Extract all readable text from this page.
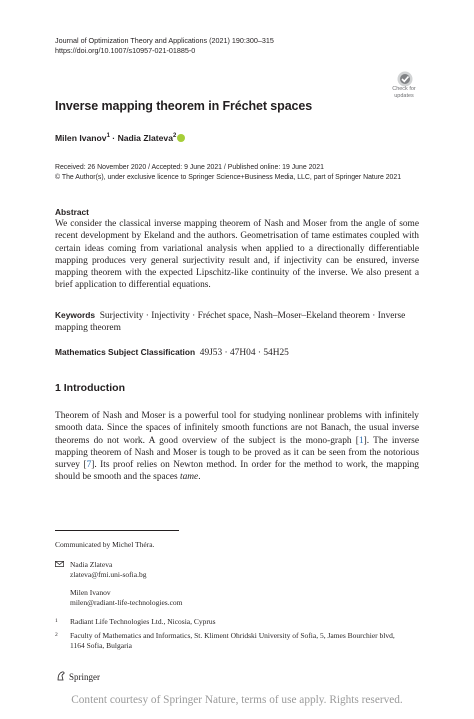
Journal of Optimization Theory and Applications (2021) 190:300–315
https://doi.org/10.1007/s10957-021-01885-0
Check for
updates
Inverse mapping theorem in Fréchet spaces
Milen Ivanov$^1$ · Nadia Zlateva$^2$
Received: 26 November 2020 / Accepted: 9 June 2021 / Published online: 19 June 2021
© The Author(s), under exclusive licence to Springer Science+Business Media, LLC, part of Springer Nature 2021
Abstract
We consider the classical inverse mapping theorem of Nash and Moser from the angle of some recent development by Ekeland and the authors. Geometrisation of tame estimates coupled with certain ideas coming from variational analysis when applied to a directionally differentiable mapping produces very general surjectivity result and, if injectivity can be ensured, inverse mapping theorem with the expected Lipschitz-like continuity of the inverse. We also present a brief application to differential equations.
Keywords Surjectivity · Injectivity · Fréchet space, Nash–Moser–Ekeland theorem · Inverse mapping theorem
Mathematics Subject Classification 49J53 · 47H04 · 54H25
1 Introduction
Theorem of Nash and Moser is a powerful tool for studying nonlinear problems with infinitely smooth data. Since the spaces of infinitely smooth functions are not Banach, the usual inverse theorems do not work. A good overview of the subject is the mono-graph [1]. The inverse mapping theorem of Nash and Moser is tough to be proved as it can be seen from the notorious survey [7]. Its proof relies on Newton method. In order for the method to work, the mapping should be smooth and the spaces tame.
Communicated by Michel Théra.
Nadia Zlateva
zlateva@fmi.uni-sofia.bg
Milen Ivanov
milen@radiant-life-technologies.com
1 Radiant Life Technologies Ltd., Nicosia, Cyprus
2 Faculty of Mathematics and Informatics, St. Kliment Ohridski University of Sofia, 5, James Bourchier blvd, 1164 Sofia, Bulgaria
Springer
Content courtesy of Springer Nature, terms of use apply. Rights reserved.
